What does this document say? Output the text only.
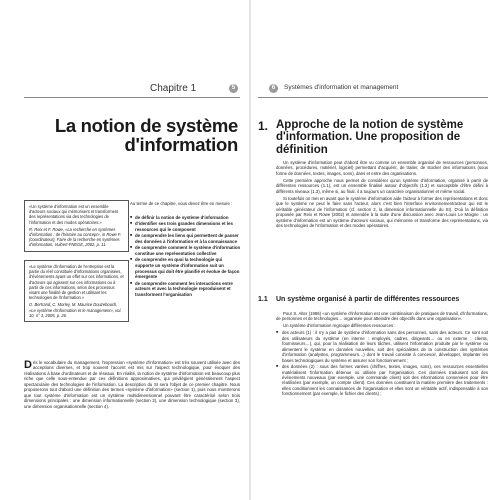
Chapitre 1	5
La notion de système d'information
«Un système d'information est un ensemble d'acteurs sociaux qui mémorisent et transforment des représentations via des technologies de l'information et des modes opératoires.»
R. Reix et F. Rowe, «La recherche en systèmes d'information : de l'histoire au concept», in Rowe F. (coordinateur), Faire de la recherche en systèmes d'information, Vuibert-FNEGE, 2002, p. 11.
«Le système d'information de l'entreprise est la partie du réel constituée d'informations organisées, d'événements ayant un effet sur ces informations, et d'acteurs qui agissent sur ces informations ou à partir de ces informations, selon des processus visant une finalité de gestion et utilisant les technologies de l'information.»
O. Bertrand, C. Morley, M. Maurice Douzebouch, «Le système d'information et le management», vol. 10, n° 3, 2005, p. 26.
Au terme de ce chapitre, vous devez être en mesure :
■ de définir la notion de système d'information
■ d'identifier ses trois grandes dimensions et les ressources qui le composent
■ de comprendre les liens qui permettent de passer des données à l'information et à la connaissance
■ de comprendre comment le système d'information constitue une représentation collective
■ de comprendre en quoi la technologie qui supporte un système d'information suit un processus qui doit être planifié et évolue de façon émergente
■ de comprendre comment les interactions entre acteurs et avec la technologie reproduisent et transforment l'organisation

Dès le vocabulaire du management, l'expression «système d'information» est très souvent utilisée avec des acceptions diverses, et trop souvent l'accent est mis sur l'aspect technologique, pour évoquer des réalisations à base d'ordinateurs et de réseaux. En réalité, la notion de système d'information est beaucoup plus riche que celle sous-entendue par ces définitions approximatives, qui privilégient généralement l'aspect spectaculaire des technologies de l'information. La description du SI sera l'objet de ce premier chapitre. Nous proposerons tout d'abord une définition des termes «système d'information» (section 1), puis nous montrerons que tout système d'information est un système multidimensionnel pouvant être caractérisé selon trois dimensions principales : une dimension informationnelle (section 2), une dimension technologique (section 3), une dimension organisationnelle (section 4).

6	Systèmes d'information et management
1. Approche de la notion de système d'information. Une proposition de définition

Un système d'information peut d'abord être vu comme un ensemble organisé de ressources (personnes, données, procédures, matériel, logiciel) permettant d'acquérir, de traiter, de stocker des informations (sous forme de données, textes, images, sons), dans et entre des organisations.

Cette première approche nous permet de considérer qu'un système d'information, organisé à partir de différentes ressources (1.1), est un ensemble finalisé autour d'objectifs (1.2) et susceptible d'être défini à différents niveaux (1.3), même si, au final, il a toujours un caractère organisationnel et même social.

Si toutefois on met en avant que le système d'information aide l'acteur à former des représentations et donc que le système ne peut le faire sans l'acteur, alors c'est bien l'interface environnement/acteur qui est le véritable générateur de l'information (cf. section 2, la dimension informationnelle du SI). D'où la définition proposée par Reix et Rowe (2002) et amendée à la suite d'une discussion avec Jean-Louis Le Moigne : un système d'information est un système d'acteurs sociaux, qui mémorise et transforme des représentations, via des technologies de l'information et des modes opératoires.

1.1 Un système organisé à partir de différentes ressources

Pour S. Alter (1996) «un système d'information est une combinaison de pratiques de travail, d'informations, de personnes et de technologies… organisée pour atteindre des objectifs dans une organisation».

Un système d'information regroupe différentes ressources :

■ des acteurs (1) : il n'y a pas de système d'information sans des personnes, sans des acteurs. Ce sont soit des utilisateurs du système (en interne : employés, cadres, dirigeants… ou en externe : clients, fournisseurs…), qui, pour la réalisation de leurs tâches, utilisent l'information produite par le système ou alimentent le système en données nouvelles, soit des spécialistes de la construction des systèmes d'information (analystes, programmeurs…) dont le travail consiste à concevoir, développer, implanter les bases technologiques du système et assurer son fonctionnement ;
■ des données (2) : sous des formes variées (chiffres, textes, images, sons), ces ressources essentielles matérialisent l'information détenue ou utilisée par l'organisation. Ces données traduisent soit des événements nouveaux (par exemple, une commande client) soit des informations conservées pour être réutilisées (par exemple, un compte client). Ces données constituent la matière première des traitements : elles conditionnent les connaissances de l'organisation et elles sont un véritable actif, indispensable à son fonctionnement (par exemple, le fichier des clients) ;
